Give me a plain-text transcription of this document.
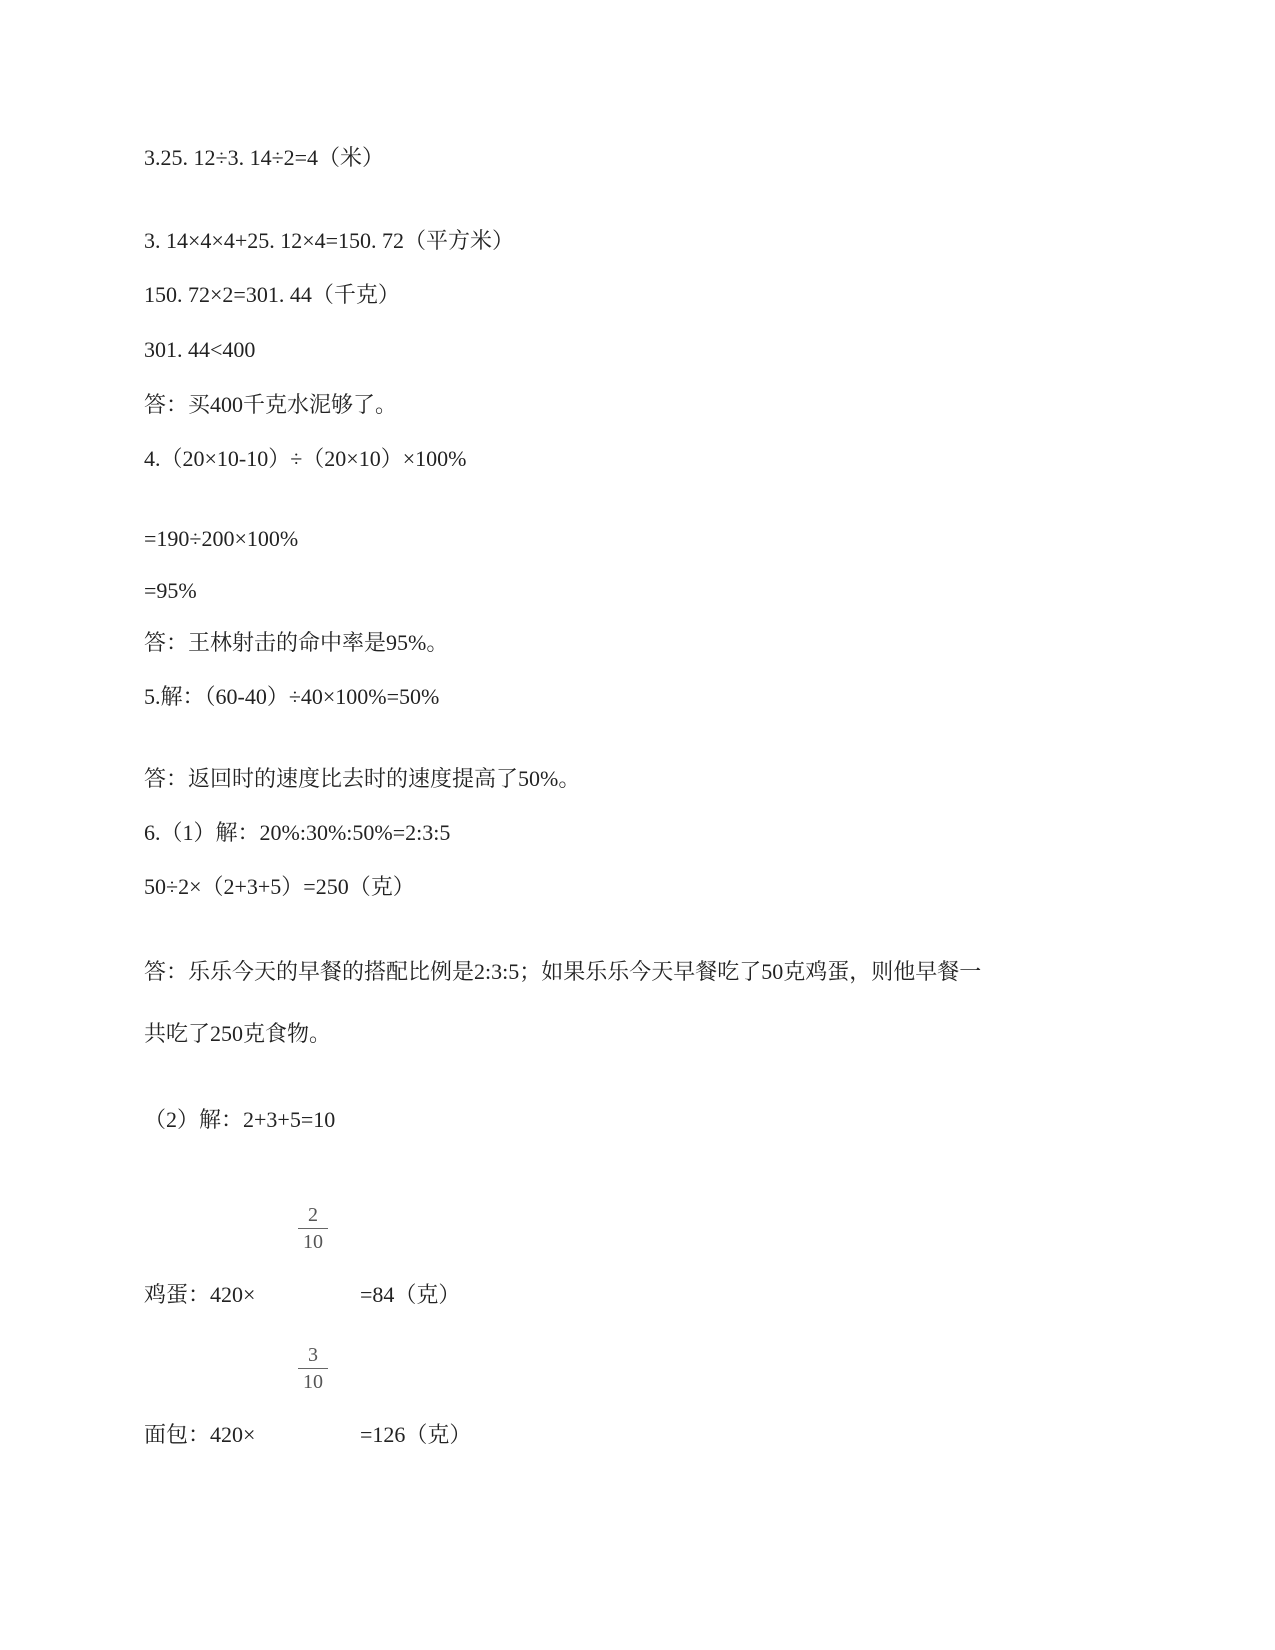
3.25. 12÷3. 14÷2=4（米）
3. 14×4×4+25. 12×4=150. 72（平方米）
150. 72×2=301. 44（千克）
301. 44<400
答：买400千克水泥够了。
4.（20×10-10）÷（20×10）×100%
=190÷200×100%
=95%
答：王林射击的命中率是95%。
5.解：（60-40）÷40×100%=50%
答：返回时的速度比去时的速度提高了50%。
6.（1）解：20%:30%:50%=2:3:5
50÷2×（2+3+5）=250（克）
答：乐乐今天的早餐的搭配比例是2:3:5；如果乐乐今天早餐吃了50克鸡蛋，则他早餐一
共吃了250克食物。
（2）解：2+3+5=10
鸡蛋：420×
$\frac{2}{10}$
=84（克）
面包：420×
$\frac{3}{10}$
=126（克）
